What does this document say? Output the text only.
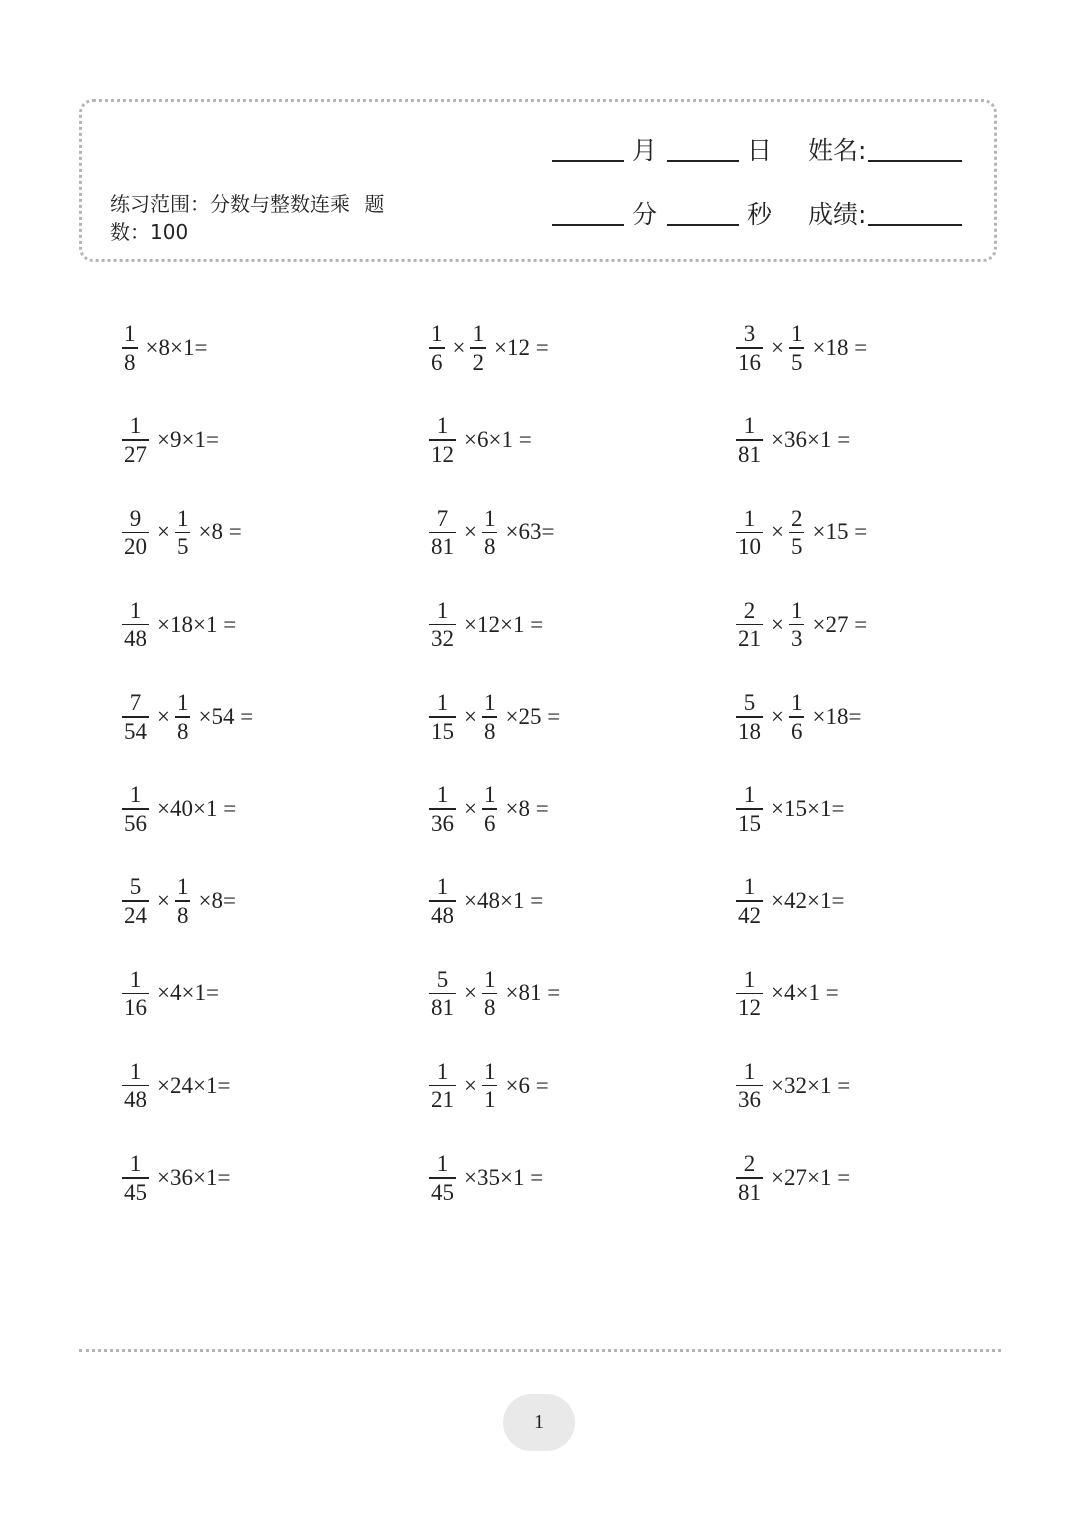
练习范围：分数与整数连乘 题
数：100
月	日 姓名:
分	秒 成绩:
$\frac{1}{8} \times 8\times 1=$
$\frac{1}{27} \times 9\times 1=$
$\frac{9}{20} \times \frac{1}{5} \times 8$ =
$\frac{1}{48} \times 18\times 1$ =
$\frac{7}{54} \times \frac{1}{8} \times 54$ =
$\frac{1}{56} \times 40\times 1$ =
$\frac{5}{24} \times \frac{1}{8} \times 8=$
$\frac{1}{16} \times 4\times 1=$
$\frac{1}{48} \times 24\times 1=$
$\frac{1}{45} \times 36\times 1=$
$\frac{1}{6} \times \frac{1}{2} \times 12$ =
$\frac{1}{12} \times 6\times 1$ =
$\frac{7}{81} \times \frac{1}{8} \times 63=$
$\frac{1}{32} \times 12\times 1$ =
$\frac{1}{15} \times \frac{1}{8} \times 25$ =
$\frac{1}{36} \times \frac{1}{6} \times 8$ =
$\frac{1}{48} \times 48\times 1$ =
$\frac{5}{81} \times \frac{1}{8} \times 81$ =
$\frac{1}{21} \times \frac{1}{1} \times 6$ =
$\frac{1}{45} \times 35\times 1$ =
$\frac{3}{16} \times \frac{1}{5} \times 18$ =
$\frac{1}{81} \times 36\times 1$ =
$\frac{1}{10} \times \frac{2}{5} \times 15$ =
$\frac{2}{21} \times \frac{1}{3} \times 27$ =
$\frac{5}{18} \times \frac{1}{6} \times 18=$
$\frac{1}{15} \times 15\times 1=$
$\frac{1}{42} \times 42\times 1=$
$\frac{1}{12} \times 4\times 1$ =
$\frac{1}{36} \times 32\times 1$ =
$\frac{2}{81} \times 27\times 1$ =
1
